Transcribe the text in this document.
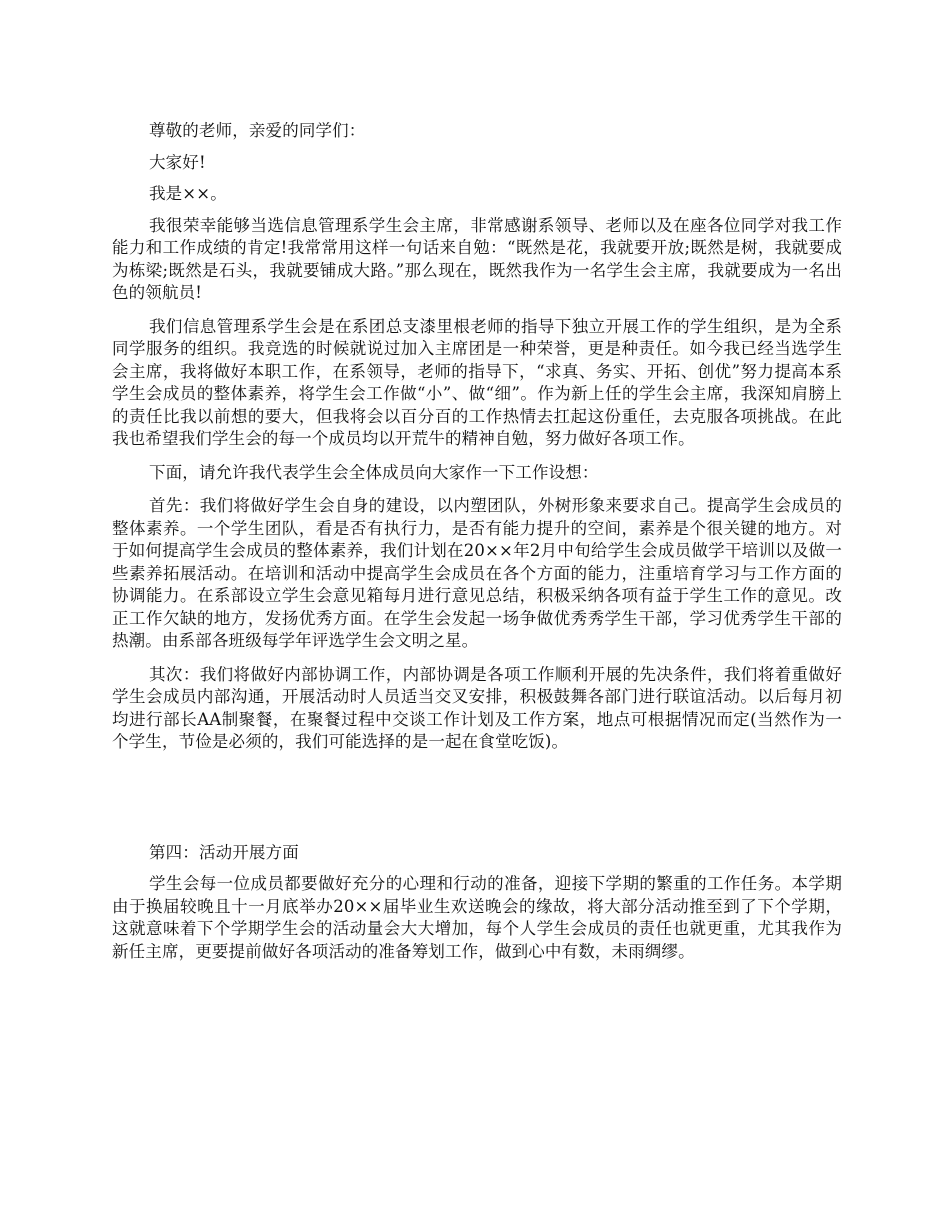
尊敬的老师，亲爱的同学们：

大家好!

我是××。

我很荣幸能够当选信息管理系学生会主席，非常感谢系领导、老师以及在座各位同学对我工作能力和工作成绩的肯定!我常常用这样一句话来自勉：“既然是花，我就要开放;既然是树，我就要成为栋梁;既然是石头，我就要铺成大路。”那么现在，既然我作为一名学生会主席，我就要成为一名出色的领航员!

我们信息管理系学生会是在系团总支漆里根老师的指导下独立开展工作的学生组织，是为全系同学服务的组织。我竞选的时候就说过加入主席团是一种荣誉，更是种责任。如今我已经当选学生会主席，我将做好本职工作，在系领导，老师的指导下，“求真、务实、开拓、创优”努力提高本系学生会成员的整体素养，将学生会工作做“小”、做“细”。作为新上任的学生会主席，我深知肩膀上的责任比我以前想的要大，但我将会以百分百的工作热情去扛起这份重任，去克服各项挑战。在此我也希望我们学生会的每一个成员均以开荒牛的精神自勉，努力做好各项工作。

下面，请允许我代表学生会全体成员向大家作一下工作设想：

首先：我们将做好学生会自身的建设，以内塑团队，外树形象来要求自己。提高学生会成员的整体素养。一个学生团队，看是否有执行力，是否有能力提升的空间，素养是个很关键的地方。对于如何提高学生会成员的整体素养，我们计划在20××年2月中旬给学生会成员做学干培训以及做一些素养拓展活动。在培训和活动中提高学生会成员在各个方面的能力，注重培育学习与工作方面的协调能力。在系部设立学生会意见箱每月进行意见总结，积极采纳各项有益于学生工作的意见。改正工作欠缺的地方，发扬优秀方面。在学生会发起一场争做优秀秀学生干部，学习优秀学生干部的热潮。由系部各班级每学年评选学生会文明之星。

其次：我们将做好内部协调工作，内部协调是各项工作顺利开展的先决条件，我们将着重做好学生会成员内部沟通，开展活动时人员适当交叉安排，积极鼓舞各部门进行联谊活动。以后每月初均进行部长AA制聚餐，在聚餐过程中交谈工作计划及工作方案，地点可根据情况而定(当然作为一个学生，节俭是必须的，我们可能选择的是一起在食堂吃饭)。

第四：活动开展方面

学生会每一位成员都要做好充分的心理和行动的准备，迎接下学期的繁重的工作任务。本学期由于换届较晚且十一月底举办20××届毕业生欢送晚会的缘故，将大部分活动推至到了下个学期，这就意味着下个学期学生会的活动量会大大增加，每个人学生会成员的责任也就更重，尤其我作为新任主席，更要提前做好各项活动的准备筹划工作，做到心中有数，未雨绸缪。
